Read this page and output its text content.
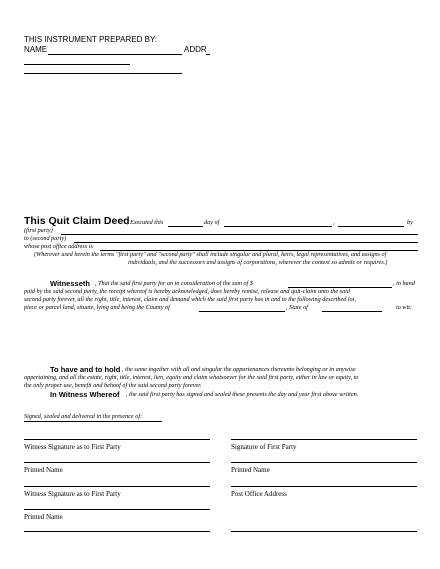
THIS INSTRUMENT PREPARED BY:
NAME	ADDR
This Quit Claim Deed
, Executed this	day of	,	by
(first party)
to (second party)
whose post office address is
(Wherever used herein the terms "first party" and "second party" shall include singular and plural, heirs, legal representatives, and assigns of
individuals, and the successors and assigns of corporations, wherever the context so admits or requires.)
Witnesseth , That the said first party for an in consideration of the sum of $	, in hand
paid by the said second party, the receipt whereof is hereby acknowledged, does hereby remise, release and quit-claim unto the said
second party forever, all the right, title, interest, claim and demand which the said first party has in and to the following described lot,
piece or parcel land, situate, lying and being the County of	, State of	to wit:
To have and to hold , the same together with all and singular the appurtenances thereunto belonging or in anywise
appertaining, and all the estate, right, title, interest, lien, equity and claim whatsoever for the said first party, either in law or equity, to
the only proper use, benefit and behoof of the said second party forever.
In Witness Whereof , the said first party has signed and sealed these presents the day and year first above written.
Signed, sealed and delivered in the presence of:
Witness Signature as to First Party	Signature of First Party
Printed Name	Printed Name
Witness Signature as to First Party	Post Office Address
Printed Name
